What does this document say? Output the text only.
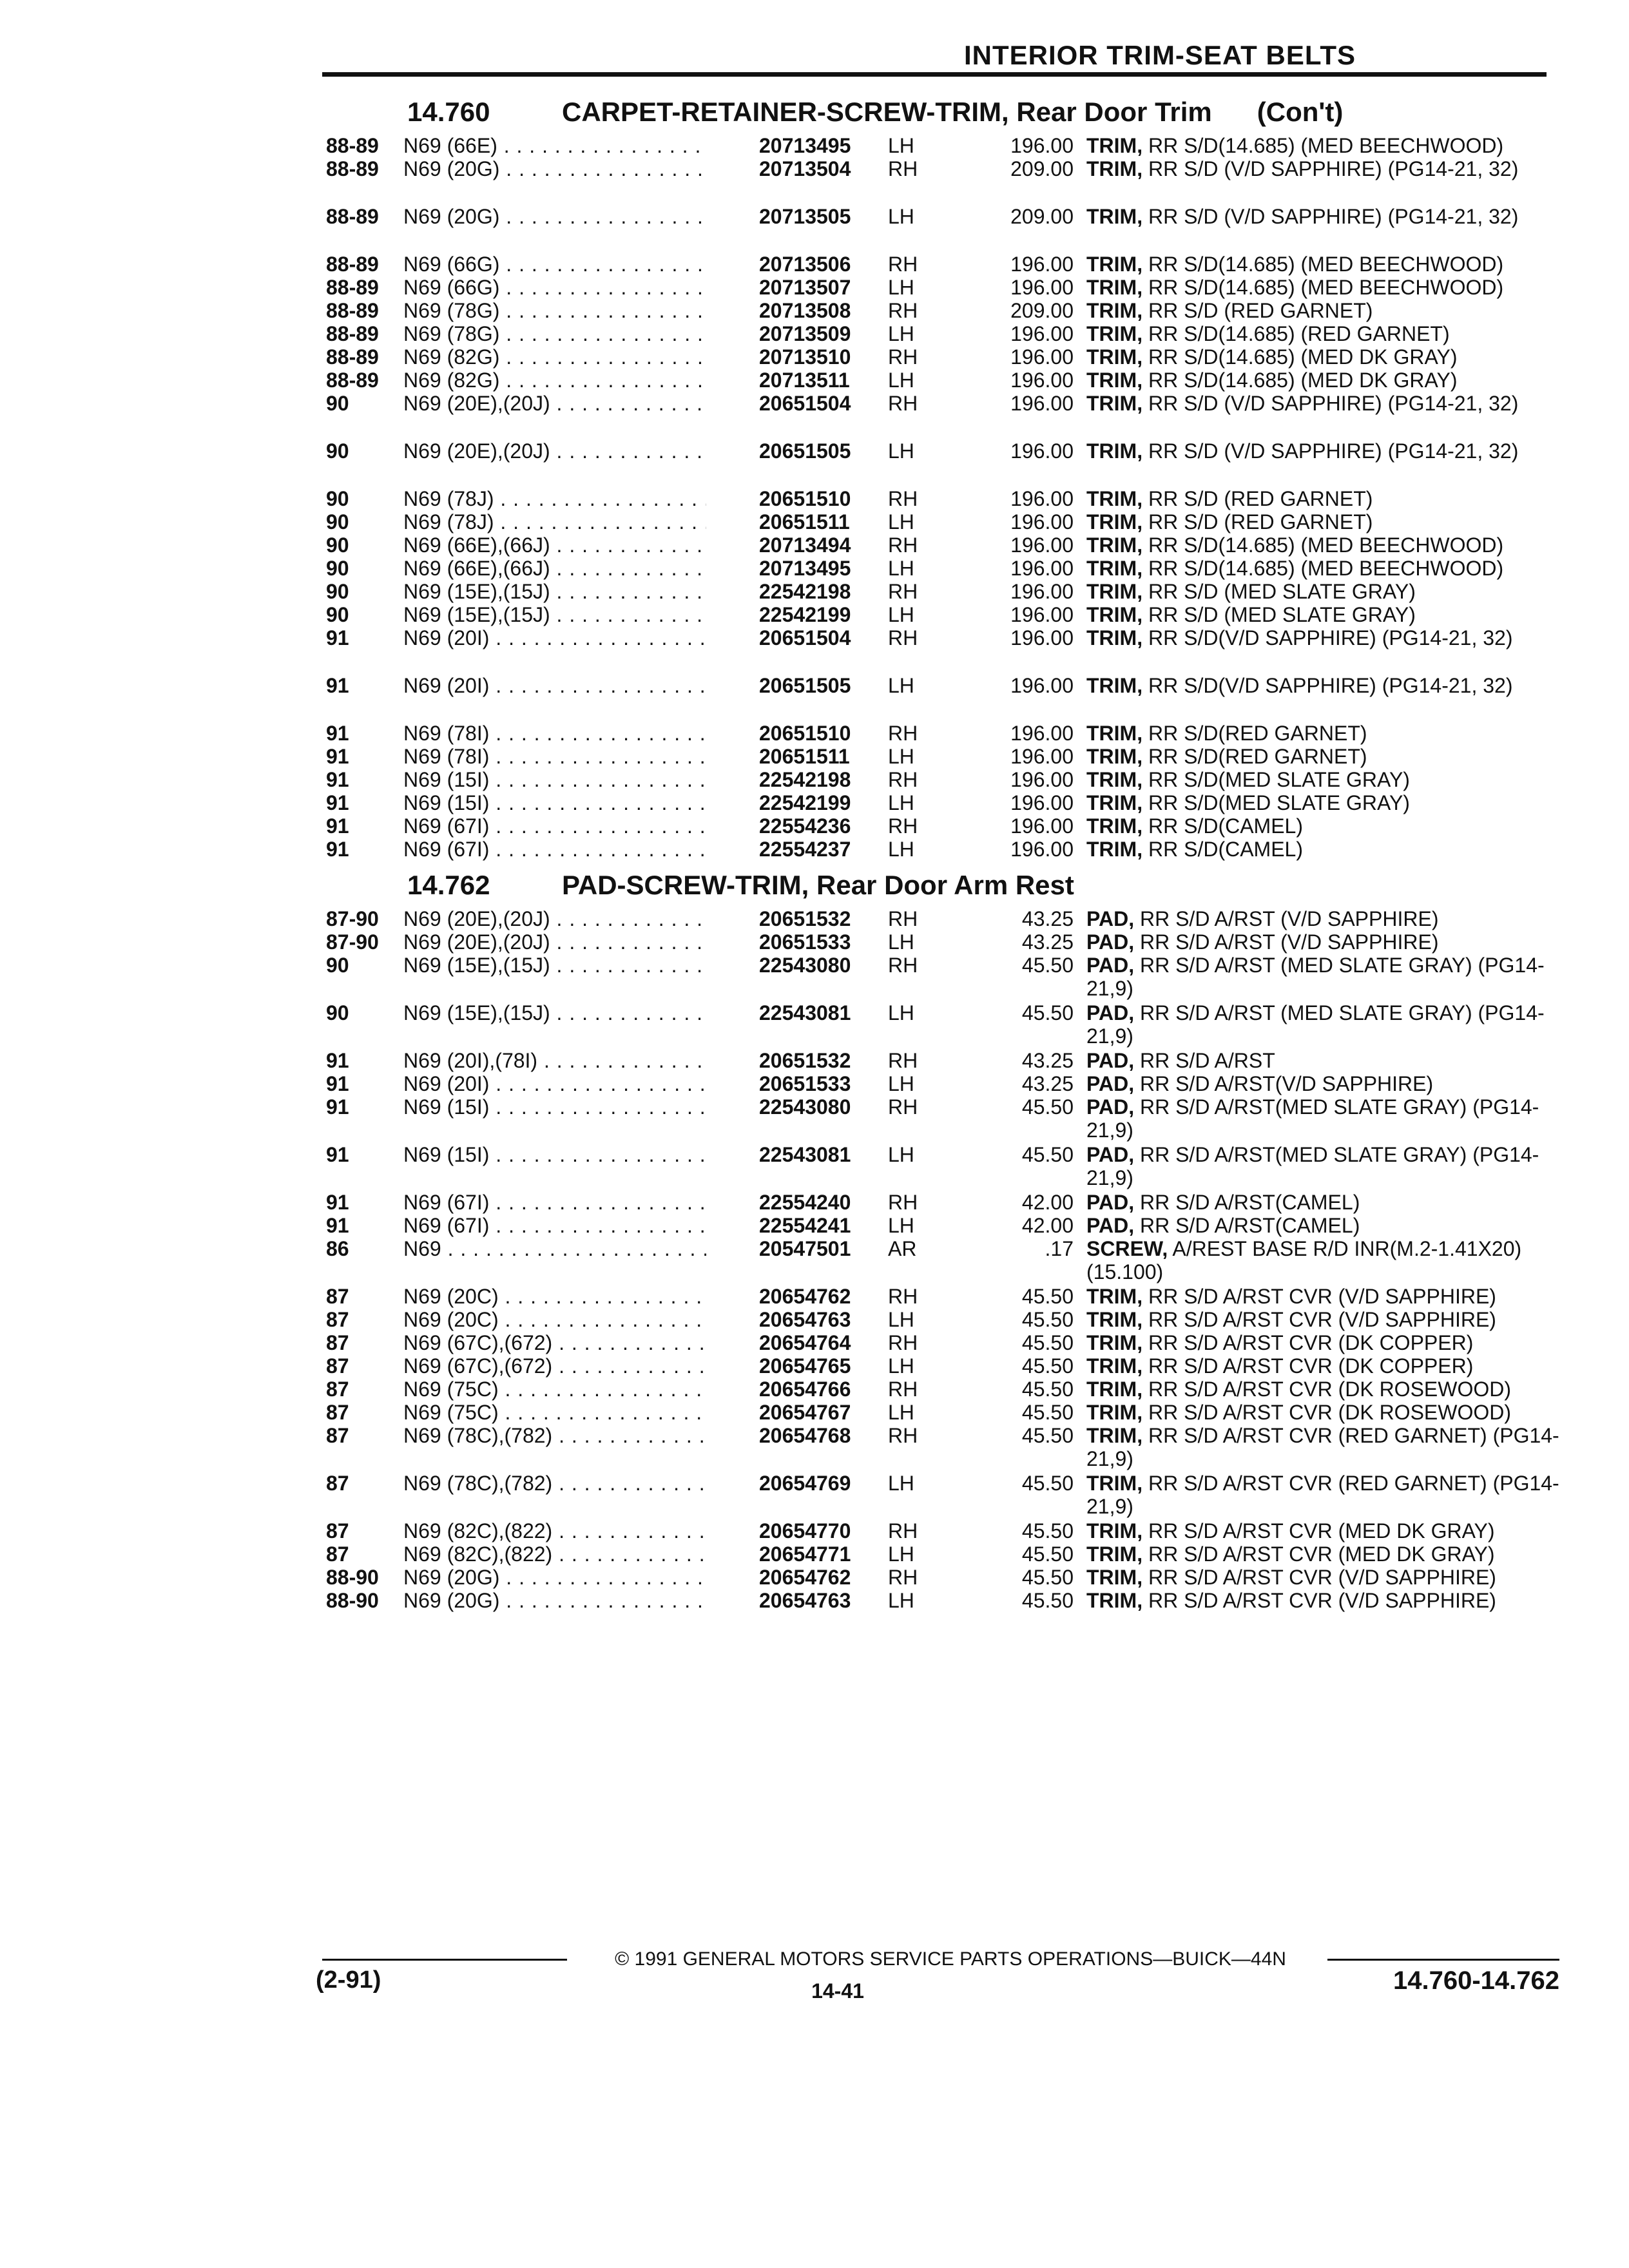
INTERIOR TRIM-SEAT BELTS
14.760	CARPET-RETAINER-SCREW-TRIM, Rear Door Trim (Con't)
88-89 N69 (66E) . . .	20713495 LH	196.00 TRIM, RR S/D(14.685) (MED BEECHWOOD)
88-89 N69 (20G) . . .	20713504 RH	209.00 TRIM, RR S/D (V/D SAPPHIRE) (PG14-21, 32)
88-89 N69 (20G) . . .	20713505 LH	209.00 TRIM, RR S/D (V/D SAPPHIRE) (PG14-21, 32)
88-89 N69 (66G) . . .	20713506 RH	196.00 TRIM, RR S/D(14.685) (MED BEECHWOOD)
88-89 N69 (66G) . . .	20713507 LH	196.00 TRIM, RR S/D(14.685) (MED BEECHWOOD)
88-89 N69 (78G) . . .	20713508 RH	209.00 TRIM, RR S/D (RED GARNET)
88-89 N69 (78G) . . .	20713509 LH	196.00 TRIM, RR S/D(14.685) (RED GARNET)
88-89 N69 (82G) . . .	20713510 RH	196.00 TRIM, RR S/D(14.685) (MED DK GRAY)
88-89 N69 (82G) . . .	20713511 LH	196.00 TRIM, RR S/D(14.685) (MED DK GRAY)
90	N69 (20E),(20J) . . .	20651504 RH	196.00 TRIM, RR S/D (V/D SAPPHIRE) (PG14-21, 32)
90	N69 (20E),(20J) . . .	20651505 LH	196.00 TRIM, RR S/D (V/D SAPPHIRE) (PG14-21, 32)
90	N69 (78J) . . .	20651510 RH	196.00 TRIM, RR S/D (RED GARNET)
90	N69 (78J) . . .	20651511 LH	196.00 TRIM, RR S/D (RED GARNET)
90	N69 (66E),(66J) . . .	20713494 RH	196.00 TRIM, RR S/D(14.685) (MED BEECHWOOD)
90	N69 (66E),(66J) . . .	20713495 LH	196.00 TRIM, RR S/D(14.685) (MED BEECHWOOD)
90	N69 (15E),(15J) . . .	22542198 RH	196.00 TRIM, RR S/D (MED SLATE GRAY)
90	N69 (15E),(15J) . . .	22542199 LH	196.00 TRIM, RR S/D (MED SLATE GRAY)
91	N69 (20I) . . .	20651504 RH	196.00 TRIM, RR S/D(V/D SAPPHIRE) (PG14-21, 32)
91	N69 (20I) . . .	20651505 LH	196.00 TRIM, RR S/D(V/D SAPPHIRE) (PG14-21, 32)
91	N69 (78I) . . .	20651510 RH	196.00 TRIM, RR S/D(RED GARNET)
91	N69 (78I) . . .	20651511 LH	196.00 TRIM, RR S/D(RED GARNET)
91	N69 (15I) . . .	22542198 RH	196.00 TRIM, RR S/D(MED SLATE GRAY)
91	N69 (15I) . . .	22542199 LH	196.00 TRIM, RR S/D(MED SLATE GRAY)
91	N69 (67I) . . .	22554236 RH	196.00 TRIM, RR S/D(CAMEL)
91	N69 (67I) . . .	22554237 LH	196.00 TRIM, RR S/D(CAMEL)
14.762	PAD-SCREW-TRIM, Rear Door Arm Rest
87-90 N69 (20E),(20J) . . .	20651532 RH	43.25 PAD, RR S/D A/RST (V/D SAPPHIRE)
87-90 N69 (20E),(20J) . . .	20651533 LH	43.25 PAD, RR S/D A/RST (V/D SAPPHIRE)
90	N69 (15E),(15J) . . .	22543080 RH	45.50 PAD, RR S/D A/RST (MED SLATE GRAY) (PG14-21,9)
90	N69 (15E),(15J) . . .	22543081 LH	45.50 PAD, RR S/D A/RST (MED SLATE GRAY) (PG14-21,9)
91	N69 (20I),(78I) . . .	20651532 RH	43.25 PAD, RR S/D A/RST
91	N69 (20I) . . .	20651533 LH	43.25 PAD, RR S/D A/RST(V/D SAPPHIRE)
91	N69 (15I) . . .	22543080 RH	45.50 PAD, RR S/D A/RST(MED SLATE GRAY) (PG14-21,9)
91	N69 (15I) . . .	22543081 LH	45.50 PAD, RR S/D A/RST(MED SLATE GRAY) (PG14-21,9)
91	N69 (67I) . . .	22554240 RH	42.00 PAD, RR S/D A/RST(CAMEL)
91	N69 (67I) . . .	22554241 LH	42.00 PAD, RR S/D A/RST(CAMEL)
86	N69 . . .	20547501 AR	.17 SCREW, A/REST BASE R/D INR(M.2-1.41X20)(15.100)
87	N69 (20C) . . .	20654762 RH	45.50 TRIM, RR S/D A/RST CVR (V/D SAPPHIRE)
87	N69 (20C) . . .	20654763 LH	45.50 TRIM, RR S/D A/RST CVR (V/D SAPPHIRE)
87	N69 (67C),(672) . . .	20654764 RH	45.50 TRIM, RR S/D A/RST CVR (DK COPPER)
87	N69 (67C),(672) . . .	20654765 LH	45.50 TRIM, RR S/D A/RST CVR (DK COPPER)
87	N69 (75C) . . .	20654766 RH	45.50 TRIM, RR S/D A/RST CVR (DK ROSEWOOD)
87	N69 (75C) . . .	20654767 LH	45.50 TRIM, RR S/D A/RST CVR (DK ROSEWOOD)
87	N69 (78C),(782) . . .	20654768 RH	45.50 TRIM, RR S/D A/RST CVR (RED GARNET) (PG14-21,9)
87	N69 (78C),(782) . . .	20654769 LH	45.50 TRIM, RR S/D A/RST CVR (RED GARNET) (PG14-21,9)
87	N69 (82C),(822) . . .	20654770 RH	45.50 TRIM, RR S/D A/RST CVR (MED DK GRAY)
87	N69 (82C),(822) . . .	20654771 LH	45.50 TRIM, RR S/D A/RST CVR (MED DK GRAY)
88-90 N69 (20G) . . .	20654762 RH	45.50 TRIM, RR S/D A/RST CVR (V/D SAPPHIRE)
88-90 N69 (20G) . . .	20654763 LH	45.50 TRIM, RR S/D A/RST CVR (V/D SAPPHIRE)
© 1991 GENERAL MOTORS SERVICE PARTS OPERATIONS—BUICK—44N
(2-91)	14-41	14.760-14.762
